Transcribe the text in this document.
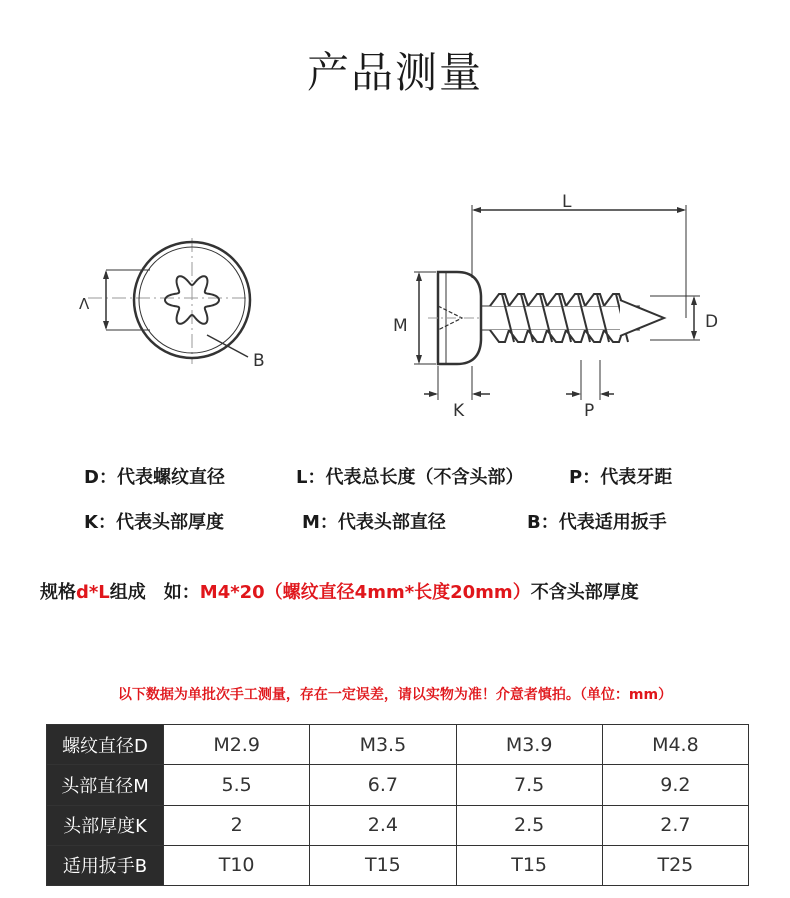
产品测量
Λ
B
L
M	D
K	P
D：代表螺纹直径	L：代表总长度（不含头部）	P：代表牙距
K：代表头部厚度	M：代表头部直径	B：代表适用扳手
规格d*L组成　如：M4*20（螺纹直径4mm*长度20mm）不含头部厚度
以下数据为单批次手工测量，存在一定误差，请以实物为准！介意者慎拍。（单位：mm）
螺纹直径D	M2.9	M3.5	M3.9	M4.8
头部直径M	5.5	6.7	7.5	9.2
头部厚度K	2	2.4	2.5	2.7
适用扳手B	T10	T15	T15	T25
